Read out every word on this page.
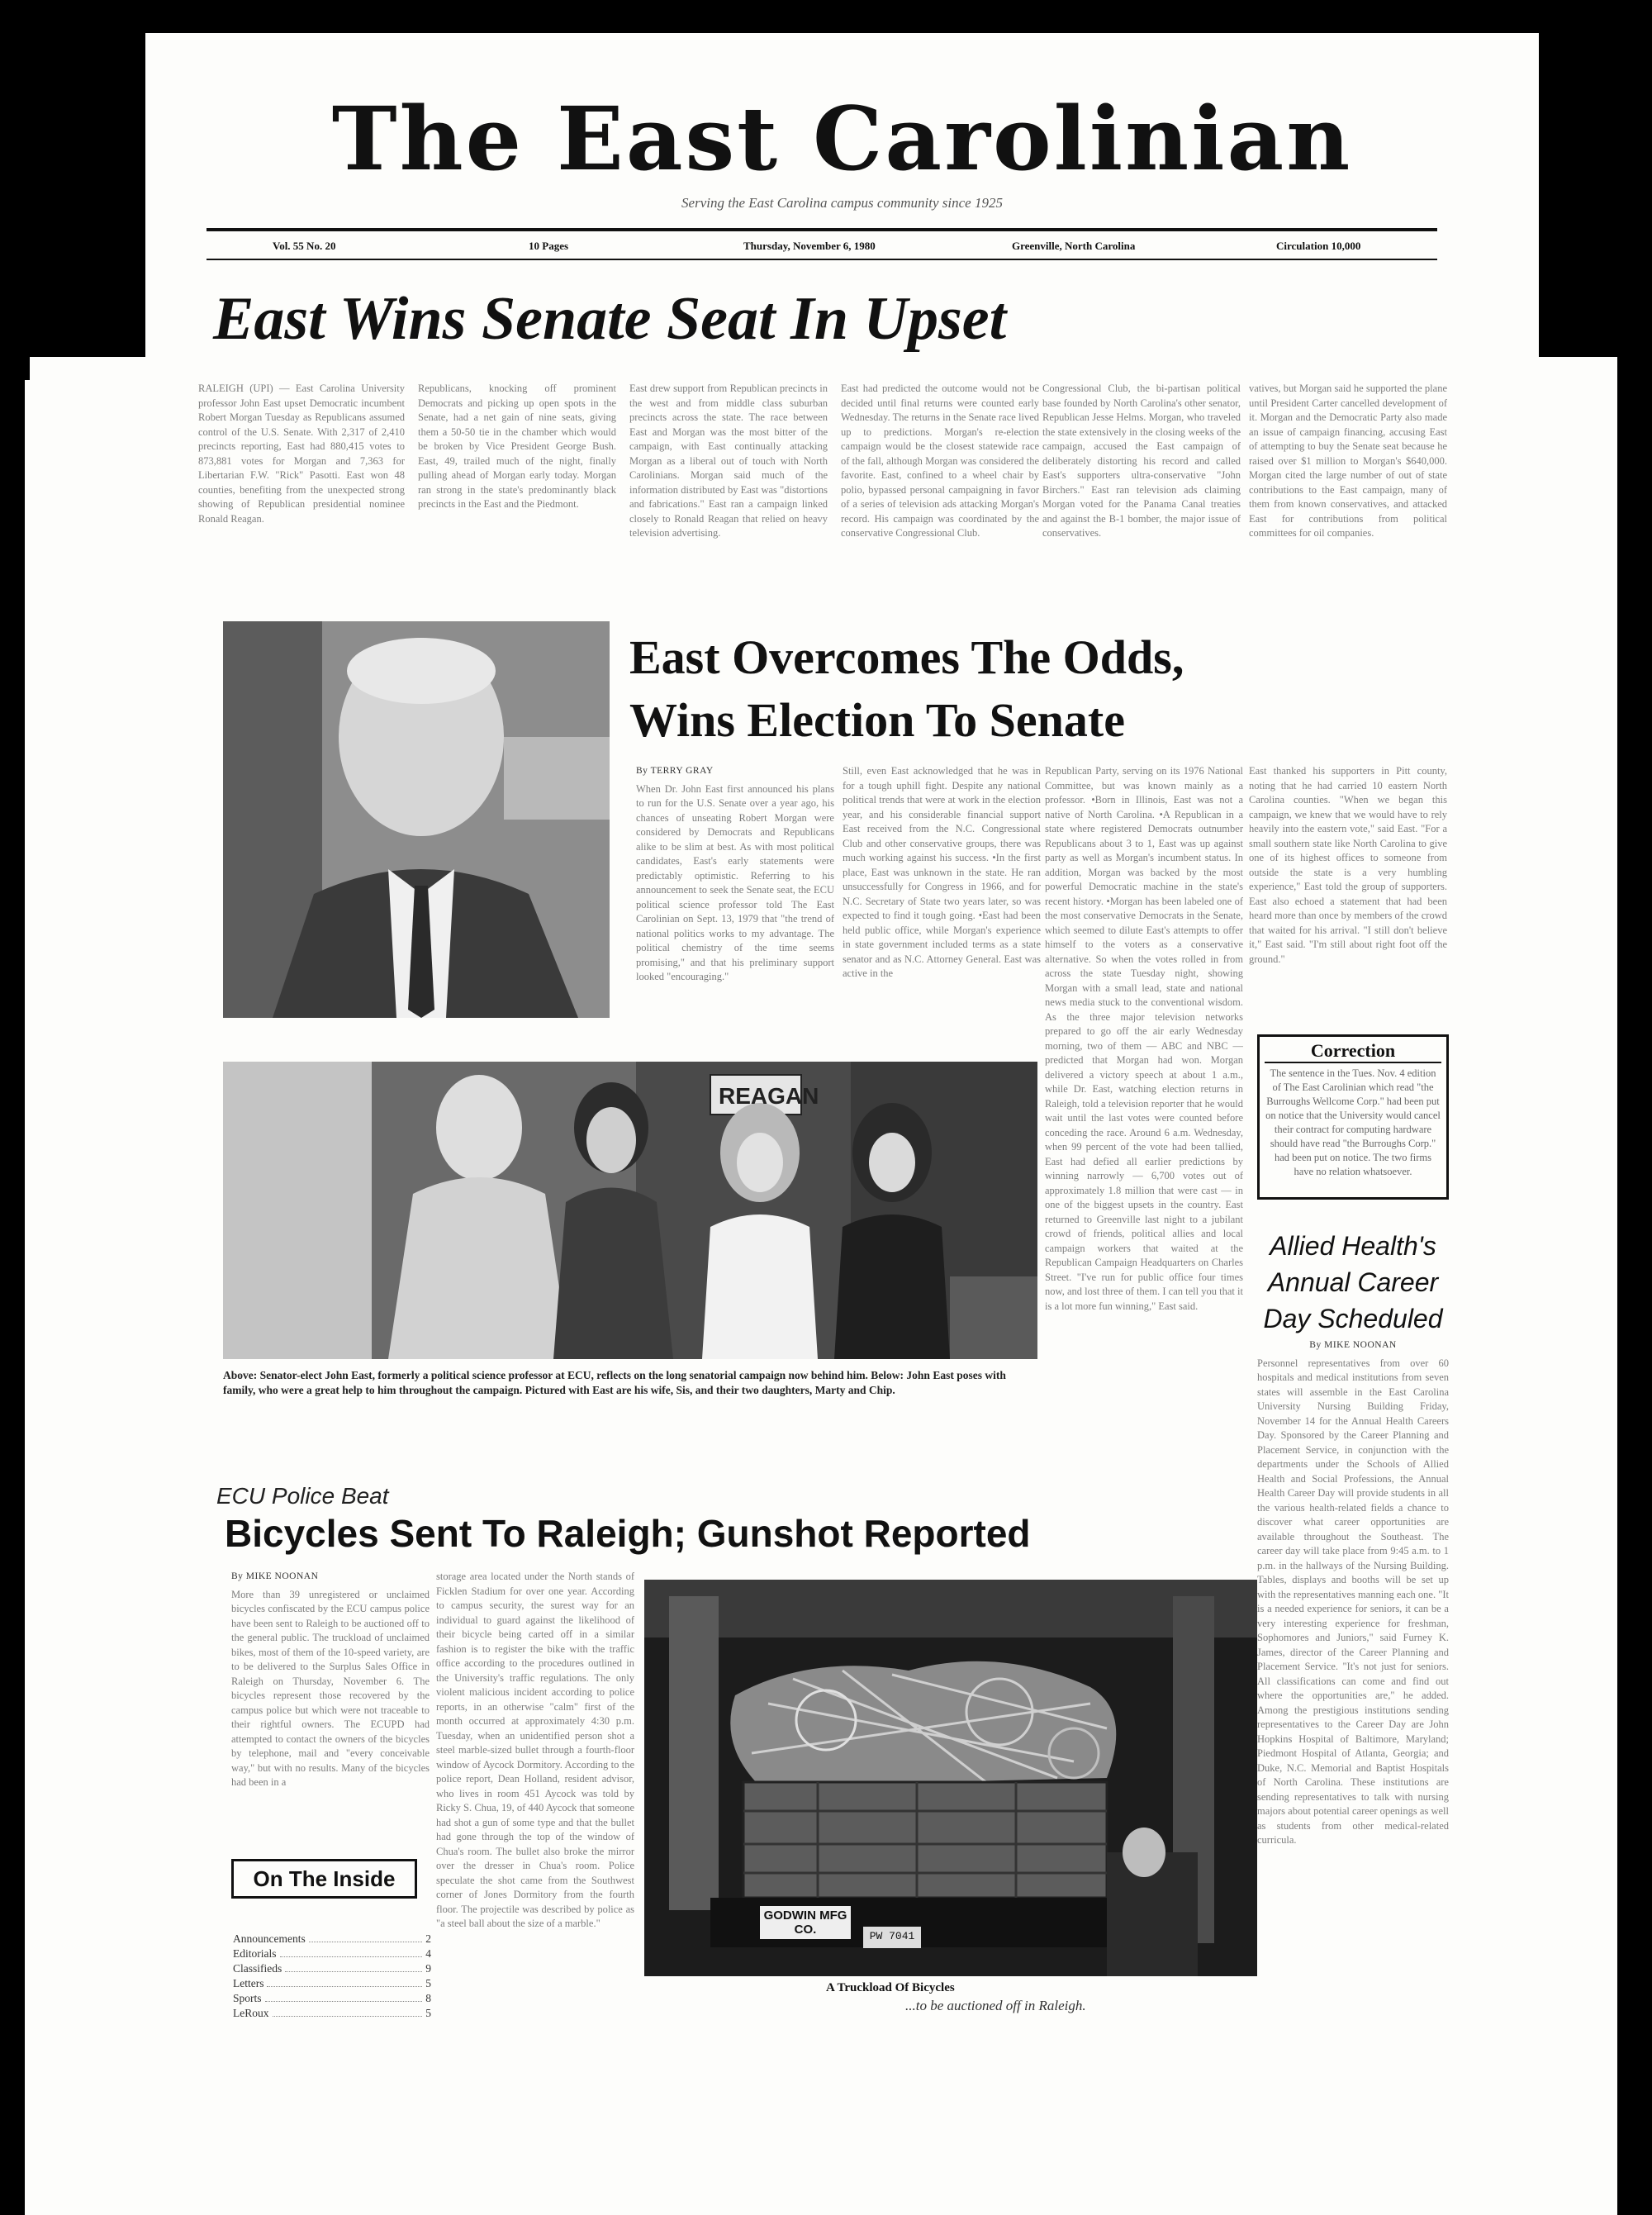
The East Carolinian
Serving the East Carolina campus community since 1925
Vol. 55 No. 20	10 Pages	Thursday, November 6, 1980	Greenville, North Carolina	Circulation 10,000
East Wins Senate Seat In Upset
RALEIGH (UPI) — East Carolina University professor John East upset Democratic incumbent Robert Morgan Tuesday as Republicans assumed control of the U.S. Senate. With 2,317 of 2,410 precincts reporting, East had 880,415 votes to 873,881 votes for Morgan and 7,363 for Libertarian F.W. "Rick" Pasotti. East won 48 counties, benefiting from the unexpected strong showing of Republican presidential nominee Ronald Reagan.
Republicans, knocking off prominent Democrats and picking up open spots in the Senate, had a net gain of nine seats, giving them a 50-50 tie in the chamber which would be broken by Vice President George Bush. East, 49, trailed much of the night, finally pulling ahead of Morgan early today. Morgan ran strong in the state's predominantly black precincts in the East and the Piedmont.
East drew support from Republican precincts in the west and from middle class suburban precincts across the state. The race between East and Morgan was the most bitter of the campaign, with East continually attacking Morgan as a liberal out of touch with North Carolinians. Morgan said much of the information distributed by East was "distortions and fabrications." East ran a campaign linked closely to Ronald Reagan that relied on heavy television advertising.
East had predicted the outcome would not be decided until final returns were counted early Wednesday. The returns in the Senate race lived up to predictions. Morgan's re-election campaign would be the closest statewide race of the fall, although Morgan was considered the favorite. East, confined to a wheel chair by polio, bypassed personal campaigning in favor of a series of television ads attacking Morgan's record. His campaign was coordinated by the conservative Congressional Club.
Congressional Club, the bi-partisan political base founded by North Carolina's other senator, Republican Jesse Helms. Morgan, who traveled the state extensively in the closing weeks of the campaign, accused the East campaign of deliberately distorting his record and called East's supporters ultra-conservative "John Birchers." East ran television ads claiming Morgan voted for the Panama Canal treaties and against the B-1 bomber, the major issue of conservatives.
vatives, but Morgan said he supported the plane until President Carter cancelled development of it. Morgan and the Democratic Party also made an issue of campaign financing, accusing East of attempting to buy the Senate seat because he raised over $1 million to Morgan's $640,000. Morgan cited the large number of out of state contributions to the East campaign, many of them from known conservatives, and attacked East for contributions from political committees for oil companies.
East Overcomes The Odds,
Wins Election To Senate
By TERRY GRAY
When Dr. John East first announced his plans to run for the U.S. Senate over a year ago, his chances of unseating Robert Morgan were considered by Democrats and Republicans alike to be slim at best. As with most political candidates, East's early statements were predictably optimistic. Referring to his announcement to seek the Senate seat, the ECU political science professor told The East Carolinian on Sept. 13, 1979 that "the trend of national politics works to my advantage. The political chemistry of the time seems promising," and that his preliminary support looked "encouraging."
Still, even East acknowledged that he was in for a tough uphill fight. Despite any national political trends that were at work in the election year, and his considerable financial support East received from the N.C. Congressional Club and other conservative groups, there was much working against his success. •In the first place, East was unknown in the state. He ran unsuccessfully for Congress in 1966, and for N.C. Secretary of State two years later, so was expected to find it tough going. •East had been held public office, while Morgan's experience in state government included terms as a state senator and as N.C. Attorney General. East was active in the
Republican Party, serving on its 1976 National Committee, but was known mainly as a professor. •Born in Illinois, East was not a native of North Carolina. •A Republican in a state where registered Democrats outnumber Republicans about 3 to 1, East was up against party as well as Morgan's incumbent status. In addition, Morgan was backed by the most powerful Democratic machine in the state's recent history. •Morgan has been labeled one of the most conservative Democrats in the Senate, which seemed to dilute East's attempts to offer himself to the voters as a conservative alternative. So when the votes rolled in from across the state Tuesday night, showing Morgan with a small lead, state and national news media stuck to the conventional wisdom. As the three major television networks prepared to go off the air early Wednesday morning, two of them — ABC and NBC — predicted that Morgan had won. Morgan delivered a victory speech at about 1 a.m., while Dr. East, watching election returns in Raleigh, told a television reporter that he would wait until the last votes were counted before conceding the race. Around 6 a.m. Wednesday, when 99 percent of the vote had been tallied, East had defied all earlier predictions by winning narrowly — 6,700 votes out of approximately 1.8 million that were cast — in one of the biggest upsets in the country. East returned to Greenville last night to a jubilant crowd of friends, political allies and local campaign workers that waited at the Republican Campaign Headquarters on Charles Street. "I've run for public office four times now, and lost three of them. I can tell you that it is a lot more fun winning," East said.
East thanked his supporters in Pitt county, noting that he had carried 10 eastern North Carolina counties. "When we began this campaign, we knew that we would have to rely heavily into the eastern vote," said East. "For a small southern state like North Carolina to give one of its highest offices to someone from outside the state is a very humbling experience," East told the group of supporters. East also echoed a statement that had been heard more than once by members of the crowd that waited for his arrival. "I still don't believe it," East said. "I'm still about right foot off the ground."
Correction
The sentence in the Tues. Nov. 4 edition of The East Carolinian which read "the Burroughs Wellcome Corp." had been put on notice that the University would cancel their contract for computing hardware should have read "the Burroughs Corp." had been put on notice. The two firms have no relation whatsoever.
REAGAN
Above: Senator-elect John East, formerly a political science professor at ECU, reflects on the long senatorial campaign now behind him. Below: John East poses with family, who were a great help to him throughout the campaign. Pictured with East are his wife, Sis, and their two daughters, Marty and Chip.
Allied Health's Annual Career Day Scheduled
By MIKE NOONAN
Personnel representatives from over 60 hospitals and medical institutions from seven states will assemble in the East Carolina University Nursing Building Friday, November 14 for the Annual Health Careers Day. Sponsored by the Career Planning and Placement Service, in conjunction with the departments under the Schools of Allied Health and Social Professions, the Annual Health Career Day will provide students in all the various health-related fields a chance to discover what career opportunities are available throughout the Southeast. The career day will take place from 9:45 a.m. to 1 p.m. in the hallways of the Nursing Building. Tables, displays and booths will be set up with the representatives manning each one. "It is a needed experience for seniors, it can be a very interesting experience for freshman, Sophomores and Juniors," said Furney K. James, director of the Career Planning and Placement Service. "It's not just for seniors. All classifications can come and find out where the opportunities are," he added. Among the prestigious institutions sending representatives to the Career Day are John Hopkins Hospital of Baltimore, Maryland; Piedmont Hospital of Atlanta, Georgia; and Duke, N.C. Memorial and Baptist Hospitals of North Carolina. These institutions are sending representatives to talk with nursing majors about potential career openings as well as students from other medical-related curricula.
ECU Police Beat
Bicycles Sent To Raleigh; Gunshot Reported
By MIKE NOONAN
More than 39 unregistered or unclaimed bicycles confiscated by the ECU campus police have been sent to Raleigh to be auctioned off to the general public. The truckload of unclaimed bikes, most of them of the 10-speed variety, are to be delivered to the Surplus Sales Office in Raleigh on Thursday, November 6. The bicycles represent those recovered by the campus police but which were not traceable to their rightful owners. The ECUPD had attempted to contact the owners of the bicycles by telephone, mail and "every conceivable way," but with no results. Many of the bicycles had been in a
storage area located under the North stands of Ficklen Stadium for over one year. According to campus security, the surest way for an individual to guard against the likelihood of their bicycle being carted off in a similar fashion is to register the bike with the traffic office according to the procedures outlined in the University's traffic regulations. The only violent malicious incident according to police reports, in an otherwise "calm" first of the month occurred at approximately 4:30 p.m. Tuesday, when an unidentified person shot a steel marble-sized bullet through a fourth-floor window of Aycock Dormitory. According to the police report, Dean Holland, resident advisor, who lives in room 451 Aycock was told by Ricky S. Chua, 19, of 440 Aycock that someone had shot a gun of some type and that the bullet had gone through the top of the window of Chua's room. The bullet also broke the mirror over the dresser in Chua's room. Police speculate the shot came from the Southwest corner of Jones Dormitory from the fourth floor. The projectile was described by police as "a steel ball about the size of a marble."
On The Inside
Announcements	2
Editorials	4
Classifieds	9
Letters	5
Sports	8
LeRoux	5
GODWIN MFG CO.	PW 7041
A Truckload Of Bicycles
...to be auctioned off in Raleigh.
